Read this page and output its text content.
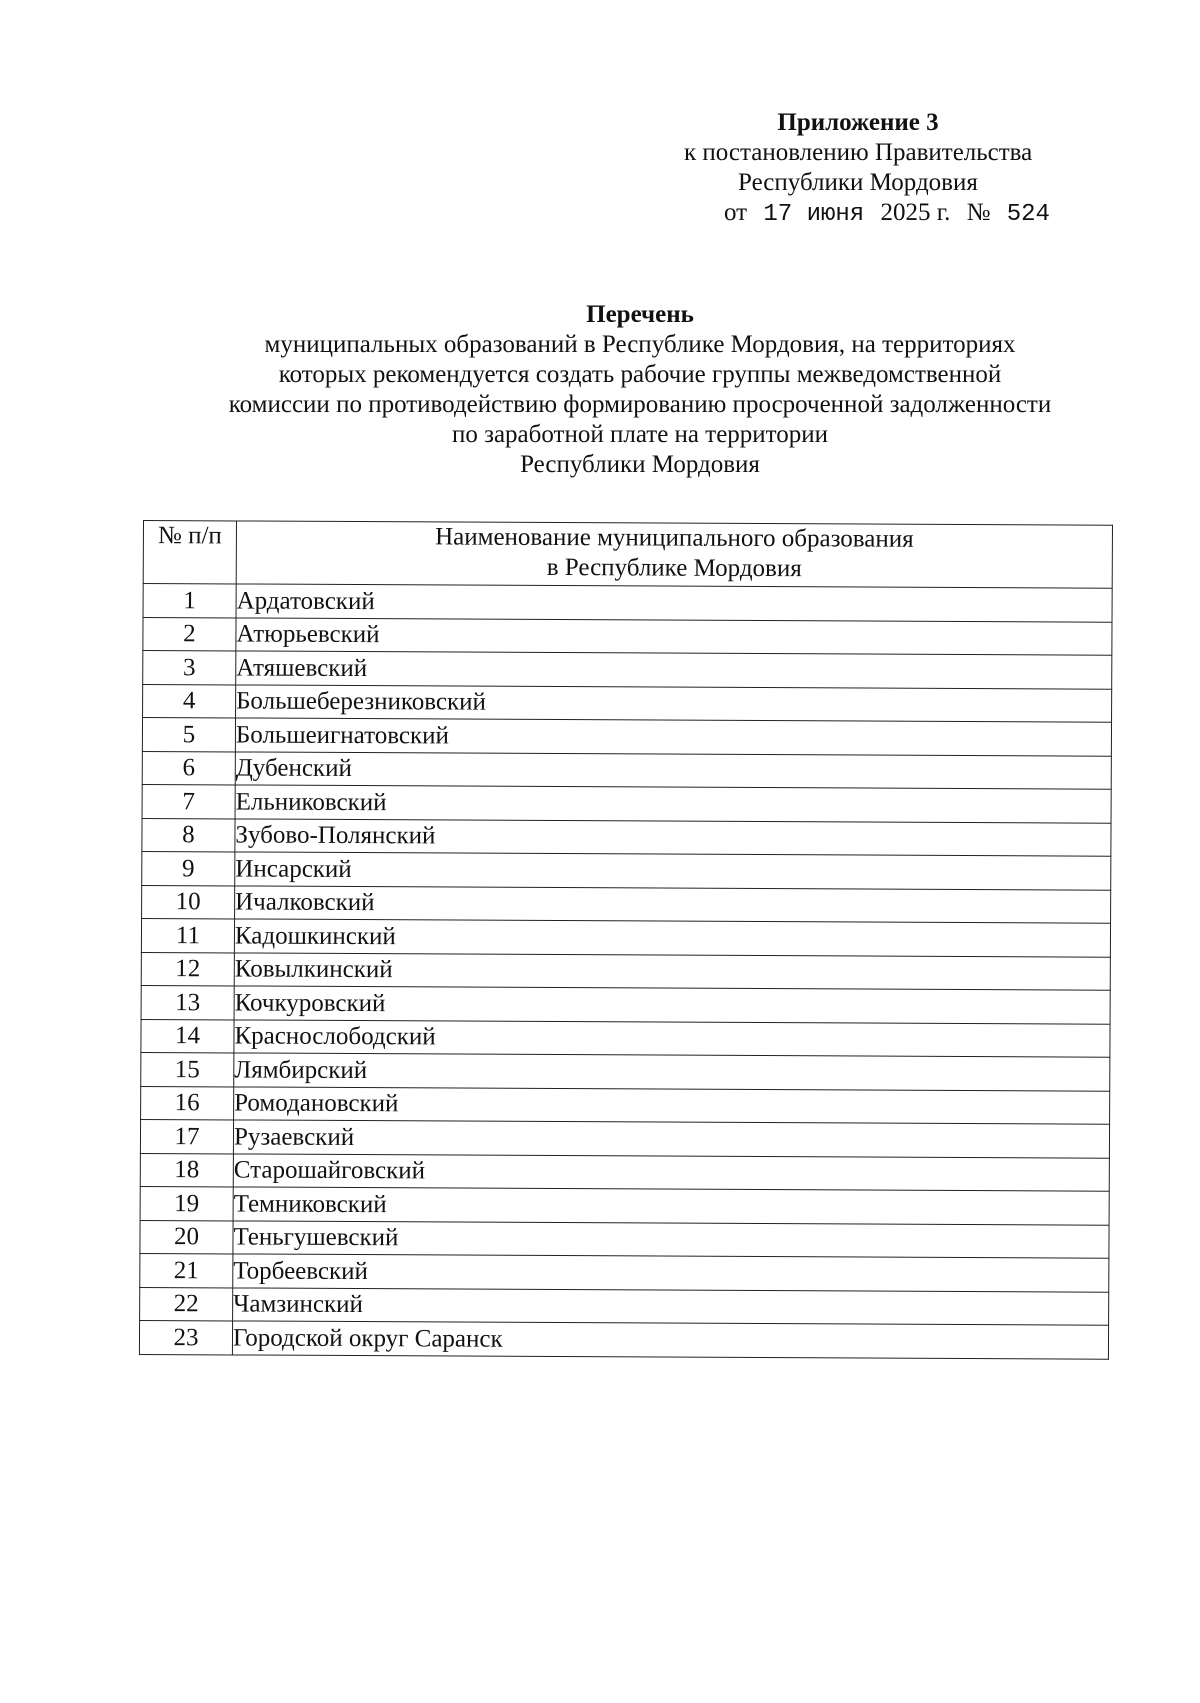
Приложение 3
к постановлению Правительства
Республики Мордовия
от 17 июня 2025 г. № 524
Перечень
муниципальных образований в Республике Мордовия, на территориях
которых рекомендуется создать рабочие группы межведомственной
комиссии по противодействию формированию просроченной задолженности
по заработной плате на территории
Республики Мордовия
№ п/п	Наименование муниципального образования
в Республике Мордовия

1	Ардатовский
2	Атюрьевский
3	Атяшевский
4	Большеберезниковский
5	Большеигнатовский
6	Дубенский
7	Ельниковский
8	Зубово-Полянский
9	Инсарский
10	Ичалковский
11	Кадошкинский
12	Ковылкинский
13	Кочкуровский
14	Краснослободский
15	Лямбирский
16	Ромодановский
17	Рузаевский
18	Старошайговский
19	Темниковский
20	Теньгушевский
21	Торбеевский
22	Чамзинский
23	Городской округ Саранск
